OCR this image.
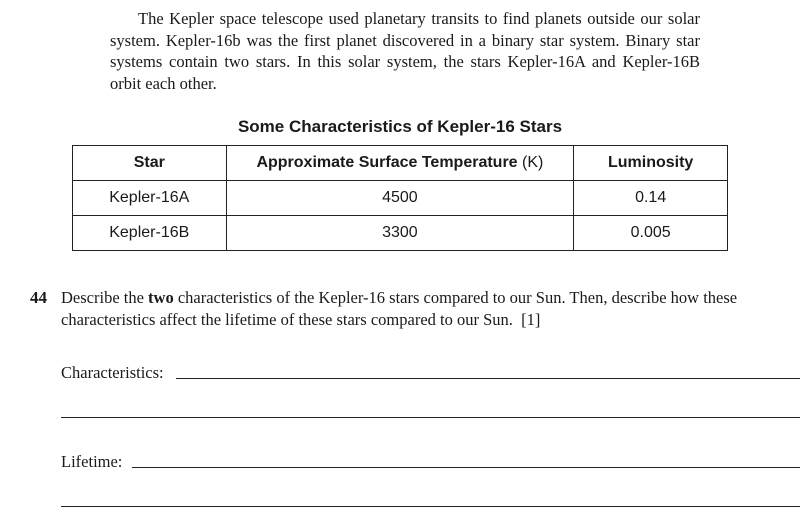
The Kepler space telescope used planetary transits to find planets outside our solar system. Kepler-16b was the first planet discovered in a binary star system. Binary star systems contain two stars. In this solar system, the stars Kepler-16A and Kepler-16B orbit each other.

Some Characteristics of Kepler-16 Stars
Star	Approximate Surface Temperature (K)	Luminosity
Kepler-16A	4500	0.14
Kepler-16B	3300	0.005
44 Describe the two characteristics of the Kepler-16 stars compared to our Sun. Then, describe how these characteristics affect the lifetime of these stars compared to our Sun. [1]
Characteristics:
Lifetime:
